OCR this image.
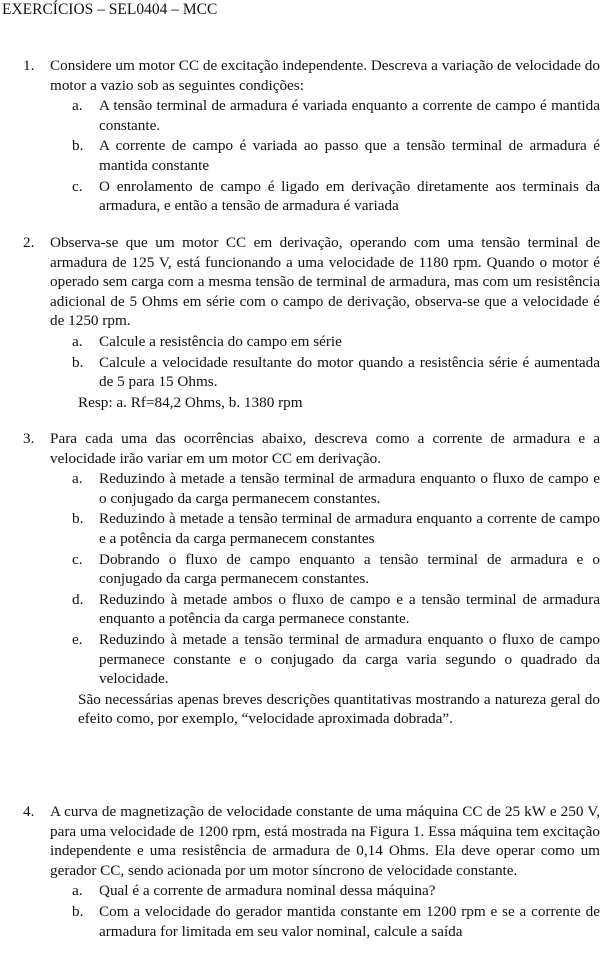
EXERCÍCIOS – SEL0404 – MCC
1. Considere um motor CC de excitação independente. Descreva a variação de velocidade do motor a vazio sob as seguintes condições:
a. A tensão terminal de armadura é variada enquanto a corrente de campo é mantida constante.
b. A corrente de campo é variada ao passo que a tensão terminal de armadura é mantida constante
c. O enrolamento de campo é ligado em derivação diretamente aos terminais da armadura, e então a tensão de armadura é variada
2. Observa-se que um motor CC em derivação, operando com uma tensão terminal de armadura de 125 V, está funcionando a uma velocidade de 1180 rpm. Quando o motor é operado sem carga com a mesma tensão de terminal de armadura, mas com um resistência adicional de 5 Ohms em série com o campo de derivação, observa-se que a velocidade é de 1250 rpm.
a. Calcule a resistência do campo em série
b. Calcule a velocidade resultante do motor quando a resistência série é aumentada de 5 para 15 Ohms.
Resp: a. Rf=84,2 Ohms, b. 1380 rpm
3. Para cada uma das ocorrências abaixo, descreva como a corrente de armadura e a velocidade irão variar em um motor CC em derivação.
a. Reduzindo à metade a tensão terminal de armadura enquanto o fluxo de campo e o conjugado da carga permanecem constantes.
b. Reduzindo à metade a tensão terminal de armadura enquanto a corrente de campo e a potência da carga permanecem constantes
c. Dobrando o fluxo de campo enquanto a tensão terminal de armadura e o conjugado da carga permanecem constantes.
d. Reduzindo à metade ambos o fluxo de campo e a tensão terminal de armadura enquanto a potência da carga permanece constante.
e. Reduzindo à metade a tensão terminal de armadura enquanto o fluxo de campo permanece constante e o conjugado da carga varia segundo o quadrado da velocidade.
São necessárias apenas breves descrições quantitativas mostrando a natureza geral do efeito como, por exemplo, “velocidade aproximada dobrada”.
4. A curva de magnetização de velocidade constante de uma máquina CC de 25 kW e 250 V, para uma velocidade de 1200 rpm, está mostrada na Figura 1. Essa máquina tem excitação independente e uma resistência de armadura de 0,14 Ohms. Ela deve operar como um gerador CC, sendo acionada por um motor síncrono de velocidade constante.
a. Qual é a corrente de armadura nominal dessa máquina?
b. Com a velocidade do gerador mantida constante em 1200 rpm e se a corrente de armadura for limitada em seu valor nominal, calcule a saída
